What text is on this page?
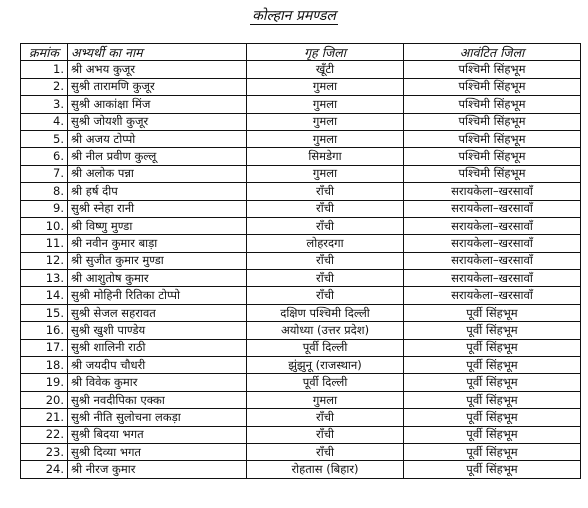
कोल्हान प्रमण्डल
क्रमांक	अभ्यर्थी का नाम	गृह जिला	आवंटित जिला
1.	श्री अभय कुजूर	खूँटी	पश्चिमी सिंहभूम
2.	सुश्री तारामणि कुजूर	गुमला	पश्चिमी सिंहभूम
3.	सुश्री आकांक्षा मिंज	गुमला	पश्चिमी सिंहभूम
4.	सुश्री जोयशी कुजूर	गुमला	पश्चिमी सिंहभूम
5.	श्री अजय टोप्पो	गुमला	पश्चिमी सिंहभूम
6.	श्री नील प्रवीण कुल्लू	सिमडेगा	पश्चिमी सिंहभूम
7.	श्री अलोक पन्ना	गुमला	पश्चिमी सिंहभूम
8.	श्री हर्ष दीप	राँची	सरायकेला–खरसावाँ
9.	सुश्री स्नेहा रानी	राँची	सरायकेला–खरसावाँ
10.	श्री विष्णु मुण्डा	राँची	सरायकेला–खरसावाँ
11.	श्री नवीन कुमार बाड़ा	लोहरदगा	सरायकेला–खरसावाँ
12.	श्री सुजीत कुमार मुण्डा	राँची	सरायकेला–खरसावाँ
13.	श्री आशुतोष कुमार	राँची	सरायकेला–खरसावाँ
14.	सुश्री मोहिनी रितिका टोप्पो	राँची	सरायकेला–खरसावाँ
15.	सुश्री सेजल सहरावत	दक्षिण पश्चिमी दिल्ली	पूर्वी सिंहभूम
16.	सुश्री खुशी पाण्डेय	अयोध्या (उत्तर प्रदेश)	पूर्वी सिंहभूम
17.	सुश्री शालिनी राठी	पूर्वी दिल्ली	पूर्वी सिंहभूम
18.	श्री जयदीप चौधरी	झुंझुनू (राजस्थान)	पूर्वी सिंहभूम
19.	श्री विवेक कुमार	पूर्वी दिल्ली	पूर्वी सिंहभूम
20.	सुश्री नवदीपिका एक्का	गुमला	पूर्वी सिंहभूम
21.	सुश्री नीति सुलोचना लकड़ा	राँची	पूर्वी सिंहभूम
22.	सुश्री बिदया भगत	राँची	पूर्वी सिंहभूम
23.	सुश्री दिव्या भगत	राँची	पूर्वी सिंहभूम
24.	श्री नीरज कुमार	रोहतास (बिहार)	पूर्वी सिंहभूम
